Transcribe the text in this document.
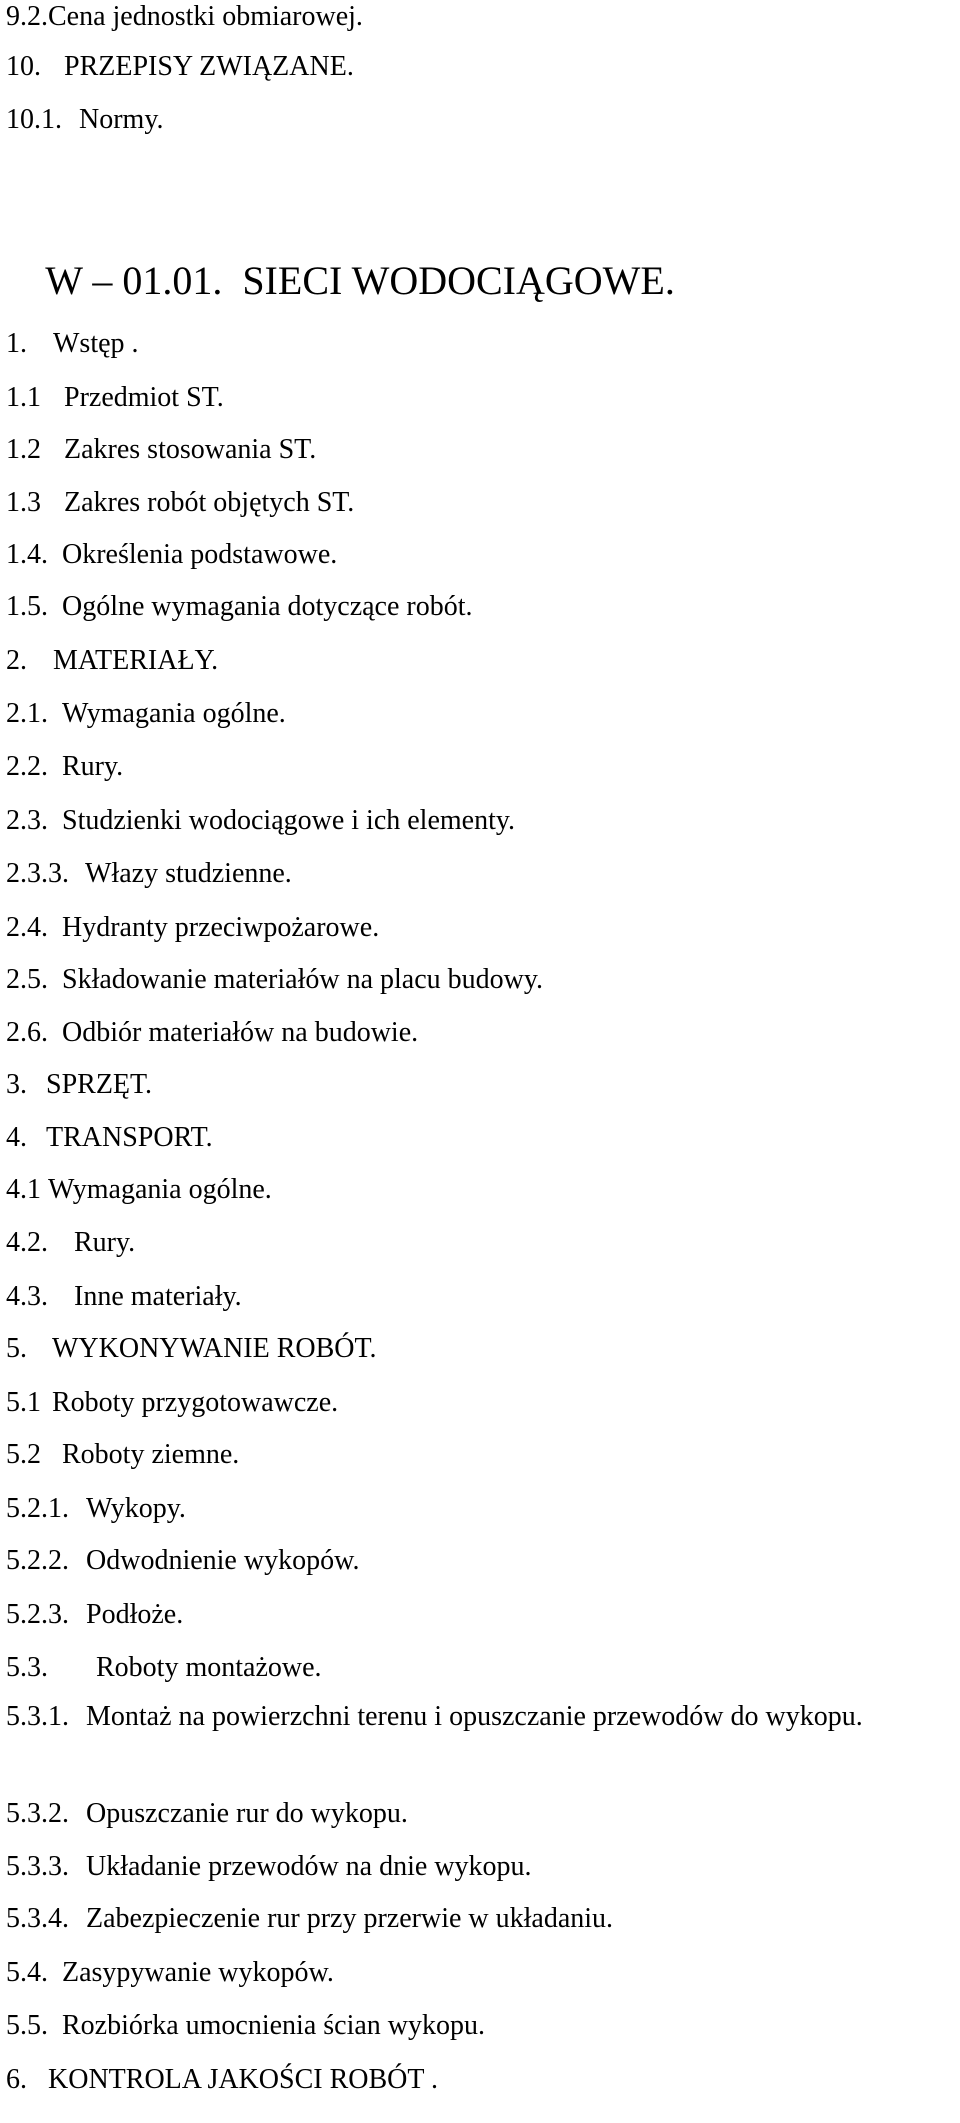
9.2.Cena jednostki obmiarowej.
10. PRZEPISY ZWIĄZANE.
10.1. Normy.

W – 01.01.  SIECI WODOCIĄGOWE.

1. Wstęp .
1.1 Przedmiot ST.
1.2 Zakres stosowania ST.
1.3 Zakres robót objętych ST.
1.4. Określenia podstawowe.
1.5. Ogólne wymagania dotyczące robót.
2. MATERIAŁY.
2.1. Wymagania ogólne.
2.2. Rury.
2.3. Studzienki wodociągowe i ich elementy.
2.3.3. Włazy studzienne.
2.4. Hydranty przeciwpożarowe.
2.5. Składowanie materiałów na placu budowy.
2.6. Odbiór materiałów na budowie.
3. SPRZĘT.
4. TRANSPORT.
4.1 Wymagania ogólne.
4.2. Rury.
4.3. Inne materiały.
5. WYKONYWANIE ROBÓT.
5.1 Roboty przygotowawcze.
5.2 Roboty ziemne.
5.2.1. Wykopy.
5.2.2. Odwodnienie wykopów.
5.2.3. Podłoże.
5.3. Roboty montażowe.
5.3.1. Montaż na powierzchni terenu i opuszczanie przewodów do wykopu.
5.3.2. Opuszczanie rur do wykopu.
5.3.3. Układanie przewodów na dnie wykopu.
5.3.4. Zabezpieczenie rur przy przerwie w układaniu.
5.4. Zasypywanie wykopów.
5.5. Rozbiórka umocnienia ścian wykopu.
6. KONTROLA JAKOŚCI ROBÓT .
